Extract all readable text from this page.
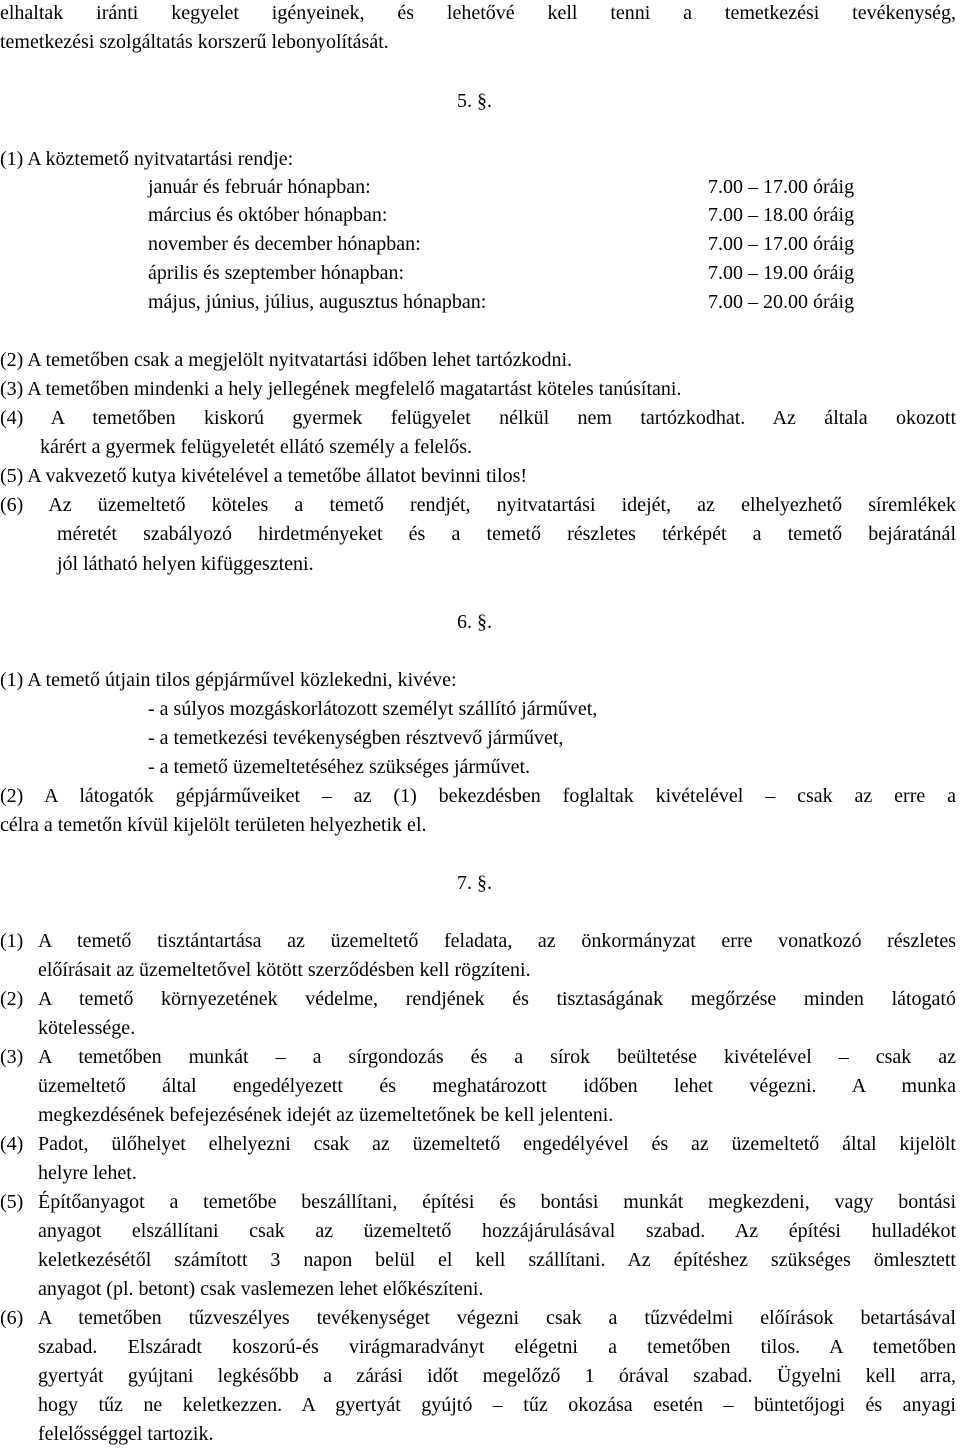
elhaltak iránti kegyelet igényeinek, és lehetővé kell tenni a temetkezési tevékenység,
temetkezési szolgáltatás korszerű lebonyolítását.
5. §.
(1) A köztemető nyitvatartási rendje:
január és február hónapban:	7.00 – 17.00 óráig
március és október hónapban:	7.00 – 18.00 óráig
november és december hónapban:	7.00 – 17.00 óráig
április és szeptember hónapban:	7.00 – 19.00 óráig
május, június, július, augusztus hónapban:	7.00 – 20.00 óráig
(2) A temetőben csak a megjelölt nyitvatartási időben lehet tartózkodni.
(3) A temetőben mindenki a hely jellegének megfelelő magatartást köteles tanúsítani.
(4) A temetőben kiskorú gyermek felügyelet nélkül nem tartózkodhat. Az általa okozott
kárért a gyermek felügyeletét ellátó személy a felelős.
(5) A vakvezető kutya kivételével a temetőbe állatot bevinni tilos!
(6) Az üzemeltető köteles a temető rendjét, nyitvatartási idejét, az elhelyezhető síremlékek
méretét szabályozó hirdetményeket és a temető részletes térképét a temető bejáratánál
jól látható helyen kifüggeszteni.
6. §.
(1) A temető útjain tilos gépjárművel közlekedni, kivéve:
- a súlyos mozgáskorlátozott személyt szállító járművet,
- a temetkezési tevékenységben résztvevő járművet,
- a temető üzemeltetéséhez szükséges járművet.
(2) A látogatók gépjárműveiket – az (1) bekezdésben foglaltak kivételével – csak az erre a
célra a temetőn kívül kijelölt területen helyezhetik el.
7. §.
(1) A temető tisztántartása az üzemeltető feladata, az önkormányzat erre vonatkozó részletes
előírásait az üzemeltetővel kötött szerződésben kell rögzíteni.
(2) A temető környezetének védelme, rendjének és tisztaságának megőrzése minden látogató
kötelessége.
(3) A temetőben munkát – a sírgondozás és a sírok beültetése kivételével – csak az
üzemeltető által engedélyezett és meghatározott időben lehet végezni. A munka
megkezdésének befejezésének idejét az üzemeltetőnek be kell jelenteni.
(4) Padot, ülőhelyet elhelyezni csak az üzemeltető engedélyével és az üzemeltető által kijelölt
helyre lehet.
(5) Építőanyagot a temetőbe beszállítani, építési és bontási munkát megkezdeni, vagy bontási
anyagot elszállítani csak az üzemeltető hozzájárulásával szabad. Az építési hulladékot
keletkezésétől számított 3 napon belül el kell szállítani. Az építéshez szükséges ömlesztett
anyagot (pl. betont) csak vaslemezen lehet előkészíteni.
(6) A temetőben tűzveszélyes tevékenységet végezni csak a tűzvédelmi előírások betartásával
szabad. Elszáradt koszorú-és virágmaradványt elégetni a temetőben tilos. A temetőben
gyertyát gyújtani legkésőbb a zárási időt megelőző 1 órával szabad. Ügyelni kell arra,
hogy tűz ne keletkezzen. A gyertyát gyújtó – tűz okozása esetén – büntetőjogi és anyagi
felelősséggel tartozik.
